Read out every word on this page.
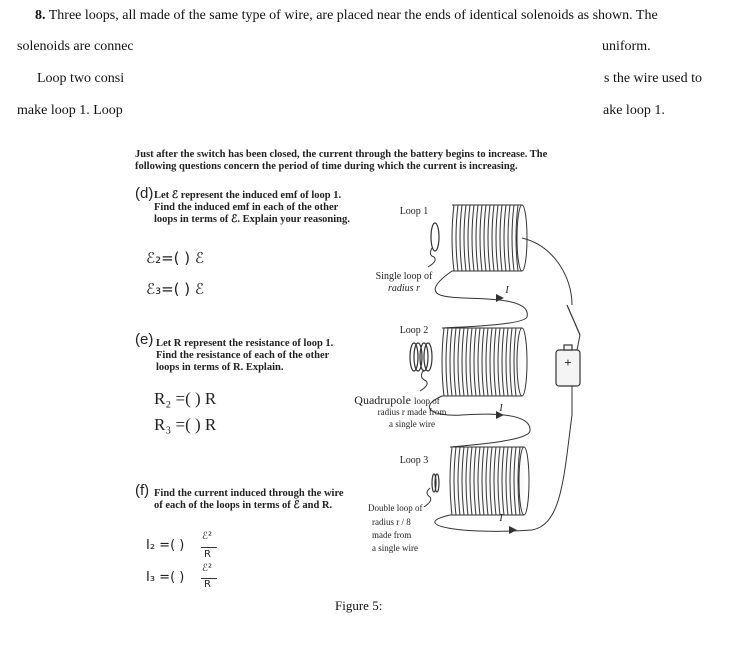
8. Three loops, all made of the same type of wire, are placed near the ends of identical solenoids as shown. The
solenoids are connec	uniform.
Loop two consi	s the wire used to
make loop 1. Loop	ake loop 1.
Just after the switch has been closed, the current through the battery begins to increase. The following questions concern the period of time during which the current is increasing.
(d) Let ℰ represent the induced emf of loop 1. Find the induced emf in each of the other loops in terms of ℰ. Explain your reasoning.
ℰ₂=( ) ℰ
ℰ₃=( ) ℰ
(e) Let R represent the resistance of loop 1. Find the resistance of each of the other loops in terms of R. Explain.
R₂ =( ) R
R₃ =( ) R
(f) Find the current induced through the wire of each of the loops in terms of ℰ and R.
I₂ =( )
ℰ²
R
I₃ =( )
ℰ²
R
Loop 1
Single loop of
radius r
Loop 2
Quadrupole loop of
radius r made from
a single wire
Loop 3
Double loop of
radius r / 8
made from
a single wire
I
I
I
+
Figure 5:
